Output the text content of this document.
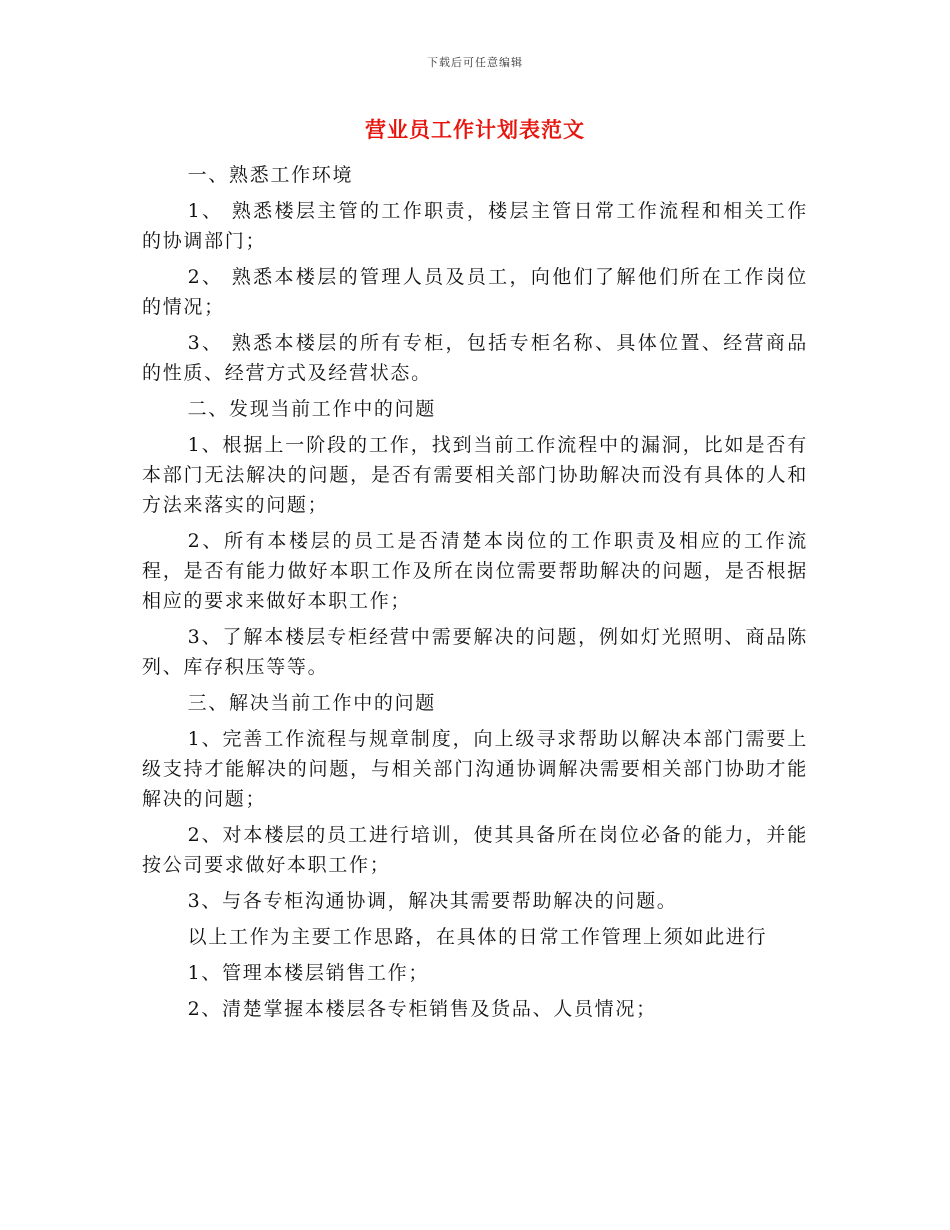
下载后可任意编辑
营业员工作计划表范文

一、熟悉工作环境

1、 熟悉楼层主管的工作职责，楼层主管日常工作流程和相关工作的协调部门；

2、 熟悉本楼层的管理人员及员工，向他们了解他们所在工作岗位的情况；

3、 熟悉本楼层的所有专柜，包括专柜名称、具体位置、经营商品的性质、经营方式及经营状态。

二、发现当前工作中的问题

1、根据上一阶段的工作，找到当前工作流程中的漏洞，比如是否有本部门无法解决的问题，是否有需要相关部门协助解决而没有具体的人和方法来落实的问题；

2、所有本楼层的员工是否清楚本岗位的工作职责及相应的工作流程，是否有能力做好本职工作及所在岗位需要帮助解决的问题，是否根据相应的要求来做好本职工作；

3、了解本楼层专柜经营中需要解决的问题，例如灯光照明、商品陈列、库存积压等等。

三、解决当前工作中的问题

1、完善工作流程与规章制度，向上级寻求帮助以解决本部门需要上级支持才能解决的问题，与相关部门沟通协调解决需要相关部门协助才能解决的问题；

2、对本楼层的员工进行培训，使其具备所在岗位必备的能力，并能按公司要求做好本职工作；

3、与各专柜沟通协调，解决其需要帮助解决的问题。

以上工作为主要工作思路，在具体的日常工作管理上须如此进行

1、管理本楼层销售工作；

2、清楚掌握本楼层各专柜销售及货品、人员情况；
